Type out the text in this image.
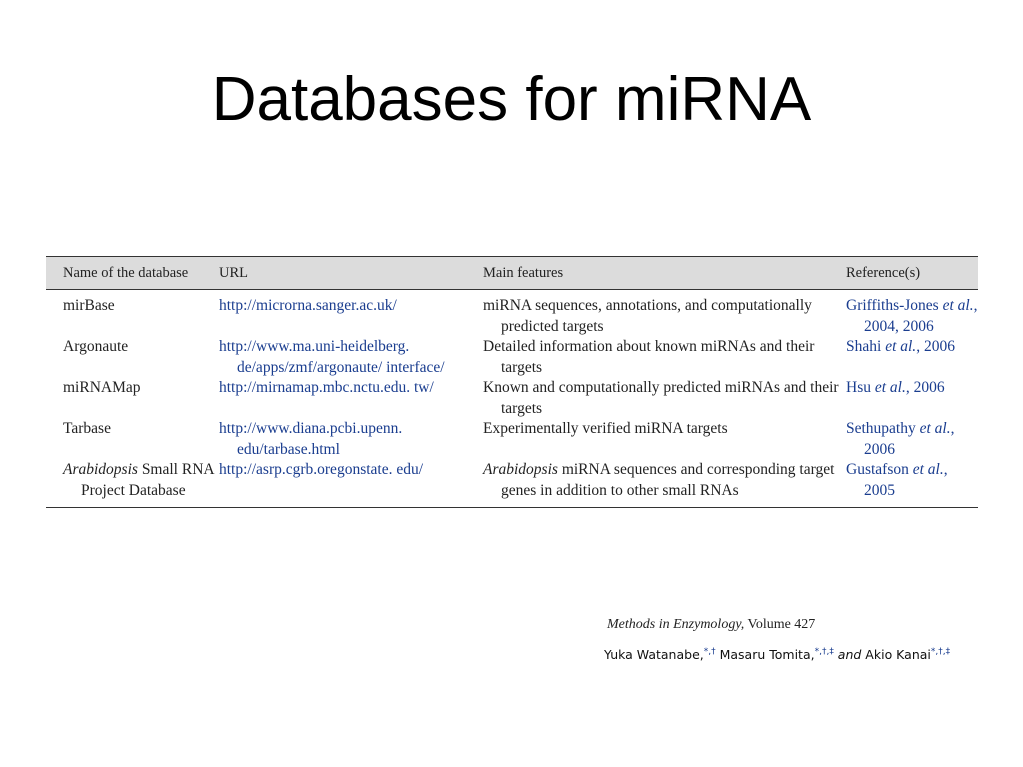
Databases for miRNA
Name of the database	URL	Main features	Reference(s)

mirBase	http://microrna.sanger.ac.uk/	miRNA sequences, annotations, and computationally predicted targets	Griffiths-Jones et al., 2004, 2006

Argonaute	http://www.ma.uni-heidelberg. de/apps/zmf/argonaute/ interface/	Detailed information about known miRNAs and their targets	Shahi et al., 2006

miRNAMap	http://mirnamap.mbc.nctu.edu. tw/	Known and computationally predicted miRNAs and their targets	Hsu et al., 2006

Tarbase	http://www.diana.pcbi.upenn. edu/tarbase.html	Experimentally verified miRNA targets	Sethupathy et al., 2006

Arabidopsis Small RNA Project Database	http://asrp.cgrb.oregonstate. edu/	Arabidopsis miRNA sequences and corresponding target genes in addition to other small RNAs	Gustafson et al., 2005
Methods in Enzymology, Volume 427
Yuka Watanabe,*,† Masaru Tomita,*,†,‡ and Akio Kanai*,†,‡
